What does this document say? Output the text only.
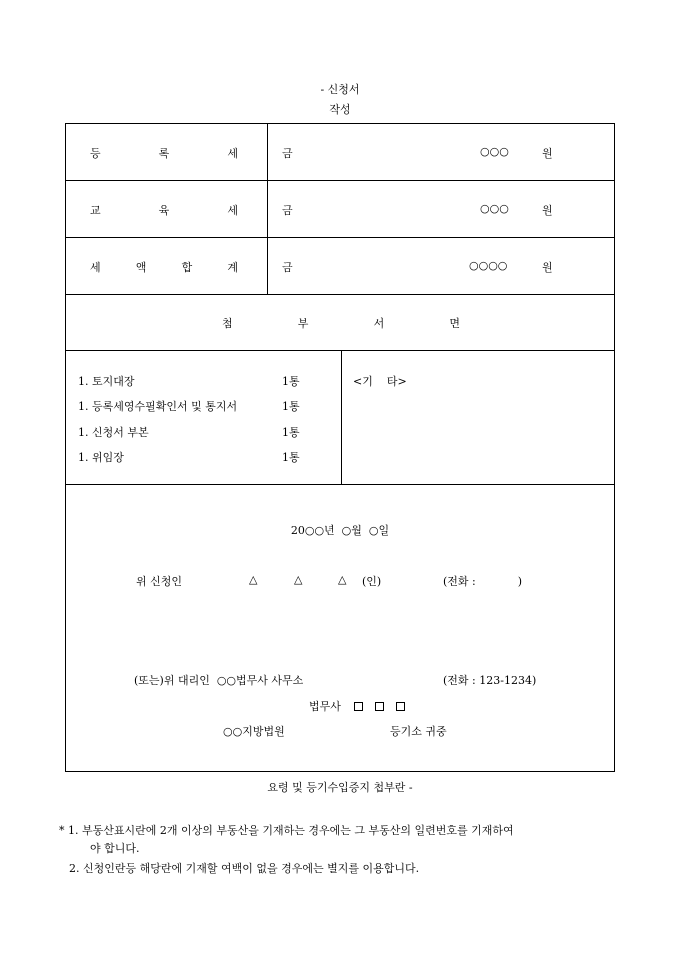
- 신청서
작성
등	록	세	금	○○○	원
교	육	세	금	○○○	원
세	액	합	계	금	○○○○	원
첨	부	서	면
1. 토지대장	1통
1. 등록세영수필확인서 및 통지서	1통
1. 신청서 부본	1통
1. 위임장	1통
<기    타>
20○○년  ○월  ○일
위 신청인	△	△	△ (인)	(전화 :            )
(또는)위 대리인  ○○법무사 사무소	(전화 : 123-1234)
법무사
○○지방법원	등기소 귀중
요령 및 등기수입증지 첩부란 -
* 1. 부동산표시란에 2개 이상의 부동산을 기재하는 경우에는 그 부동산의 일련번호를 기재하여
야 합니다.
2. 신청인란등 해당란에 기재할 여백이 없을 경우에는 별지를 이용합니다.
